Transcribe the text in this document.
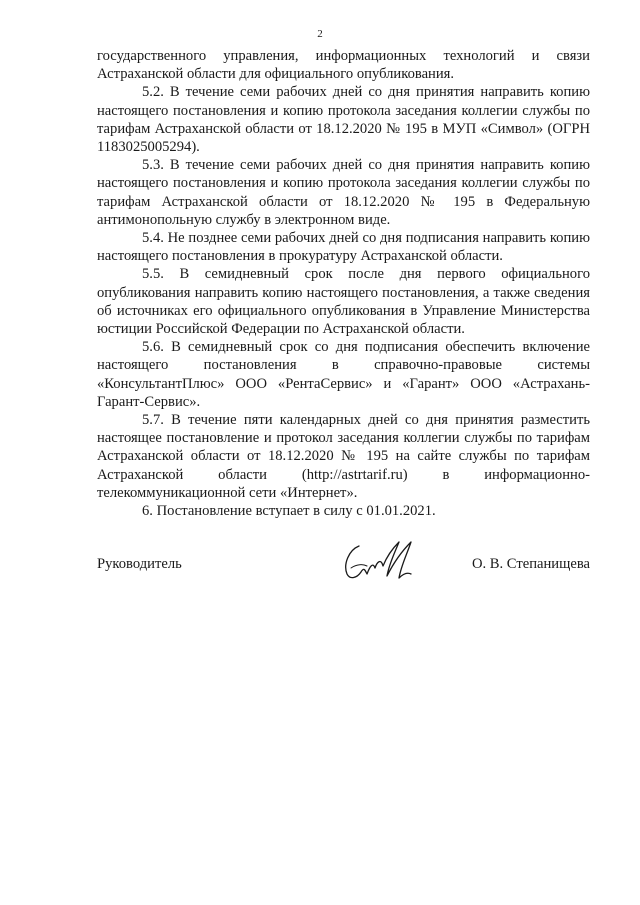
2

государственного управления, информационных технологий и связи Астраханской области для официального опубликования.

5.2. В течение семи рабочих дней со дня принятия направить копию настоящего постановления и копию протокола заседания коллегии службы по тарифам Астраханской области от 18.12.2020 № 195 в МУП «Символ» (ОГРН 1183025005294).

5.3. В течение семи рабочих дней со дня принятия направить копию настоящего постановления и копию протокола заседания коллегии службы по тарифам Астраханской области от 18.12.2020 № 195 в Федеральную антимонопольную службу в электронном виде.

5.4. Не позднее семи рабочих дней со дня подписания направить копию настоящего постановления в прокуратуру Астраханской области.

5.5. В семидневный срок после дня первого официального опубликования направить копию настоящего постановления, а также сведения об источниках его официального опубликования в Управление Министерства юстиции Российской Федерации по Астраханской области.

5.6. В семидневный срок со дня подписания обеспечить включение настоящего постановления в справочно-правовые системы «КонсультантПлюс» ООО «РентаСервис» и «Гарант» ООО «Астрахань-Гарант-Сервис».

5.7. В течение пяти календарных дней со дня принятия разместить настоящее постановление и протокол заседания коллегии службы по тарифам Астраханской области от 18.12.2020 № 195 на сайте службы по тарифам Астраханской области (http://astrtarif.ru) в информационно-телекоммуникационной сети «Интернет».

6. Постановление вступает в силу с 01.01.2021.

Руководитель	О. В. Степанищева
